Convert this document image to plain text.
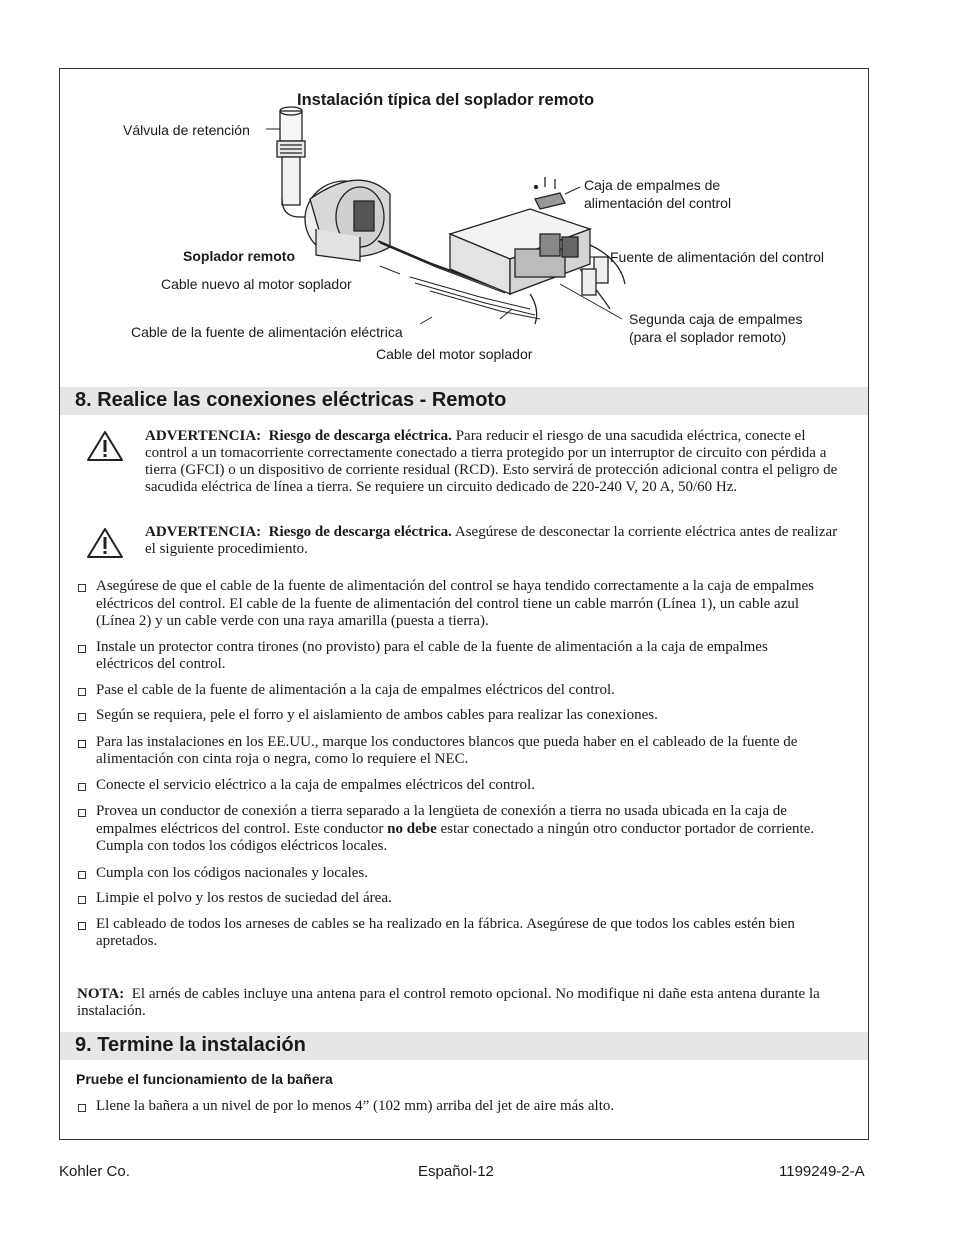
Instalación típica del soplador remoto
Válvula de retención
Soplador remoto
Cable nuevo al motor soplador
Cable de la fuente de alimentación eléctrica
Cable del motor soplador
Caja de empalmes de
alimentación del control
Fuente de alimentación del control
Segunda caja de empalmes
(para el soplador remoto)
8. Realice las conexiones eléctricas - Remoto
ADVERTENCIA: Riesgo de descarga eléctrica. Para reducir el riesgo de una sacudida eléctrica, conecte el control a un tomacorriente correctamente conectado a tierra protegido por un interruptor de circuito con pérdida a tierra (GFCI) o un dispositivo de corriente residual (RCD). Esto servirá de protección adicional contra el peligro de sacudida eléctrica de línea a tierra. Se requiere un circuito dedicado de 220-240 V, 20 A, 50/60 Hz.
ADVERTENCIA: Riesgo de descarga eléctrica. Asegúrese de desconectar la corriente eléctrica antes de realizar el siguiente procedimiento.
Asegúrese de que el cable de la fuente de alimentación del control se haya tendido correctamente a la caja de empalmes eléctricos del control. El cable de la fuente de alimentación del control tiene un cable marrón (Línea 1), un cable azul (Línea 2) y un cable verde con una raya amarilla (puesta a tierra).
Instale un protector contra tirones (no provisto) para el cable de la fuente de alimentación a la caja de empalmes eléctricos del control.
Pase el cable de la fuente de alimentación a la caja de empalmes eléctricos del control.
Según se requiera, pele el forro y el aislamiento de ambos cables para realizar las conexiones.
Para las instalaciones en los EE.UU., marque los conductores blancos que pueda haber en el cableado de la fuente de alimentación con cinta roja o negra, como lo requiere el NEC.
Conecte el servicio eléctrico a la caja de empalmes eléctricos del control.
Provea un conductor de conexión a tierra separado a la lengüeta de conexión a tierra no usada ubicada en la caja de empalmes eléctricos del control. Este conductor no debe estar conectado a ningún otro conductor portador de corriente. Cumpla con todos los códigos eléctricos locales.
Cumpla con los códigos nacionales y locales.
Limpie el polvo y los restos de suciedad del área.
El cableado de todos los arneses de cables se ha realizado en la fábrica. Asegúrese de que todos los cables estén bien apretados.
NOTA: El arnés de cables incluye una antena para el control remoto opcional. No modifique ni dañe esta antena durante la instalación.
9. Termine la instalación
Pruebe el funcionamiento de la bañera
Llene la bañera a un nivel de por lo menos 4” (102 mm) arriba del jet de aire más alto.
Kohler Co.	Español-12	1199249-2-A
